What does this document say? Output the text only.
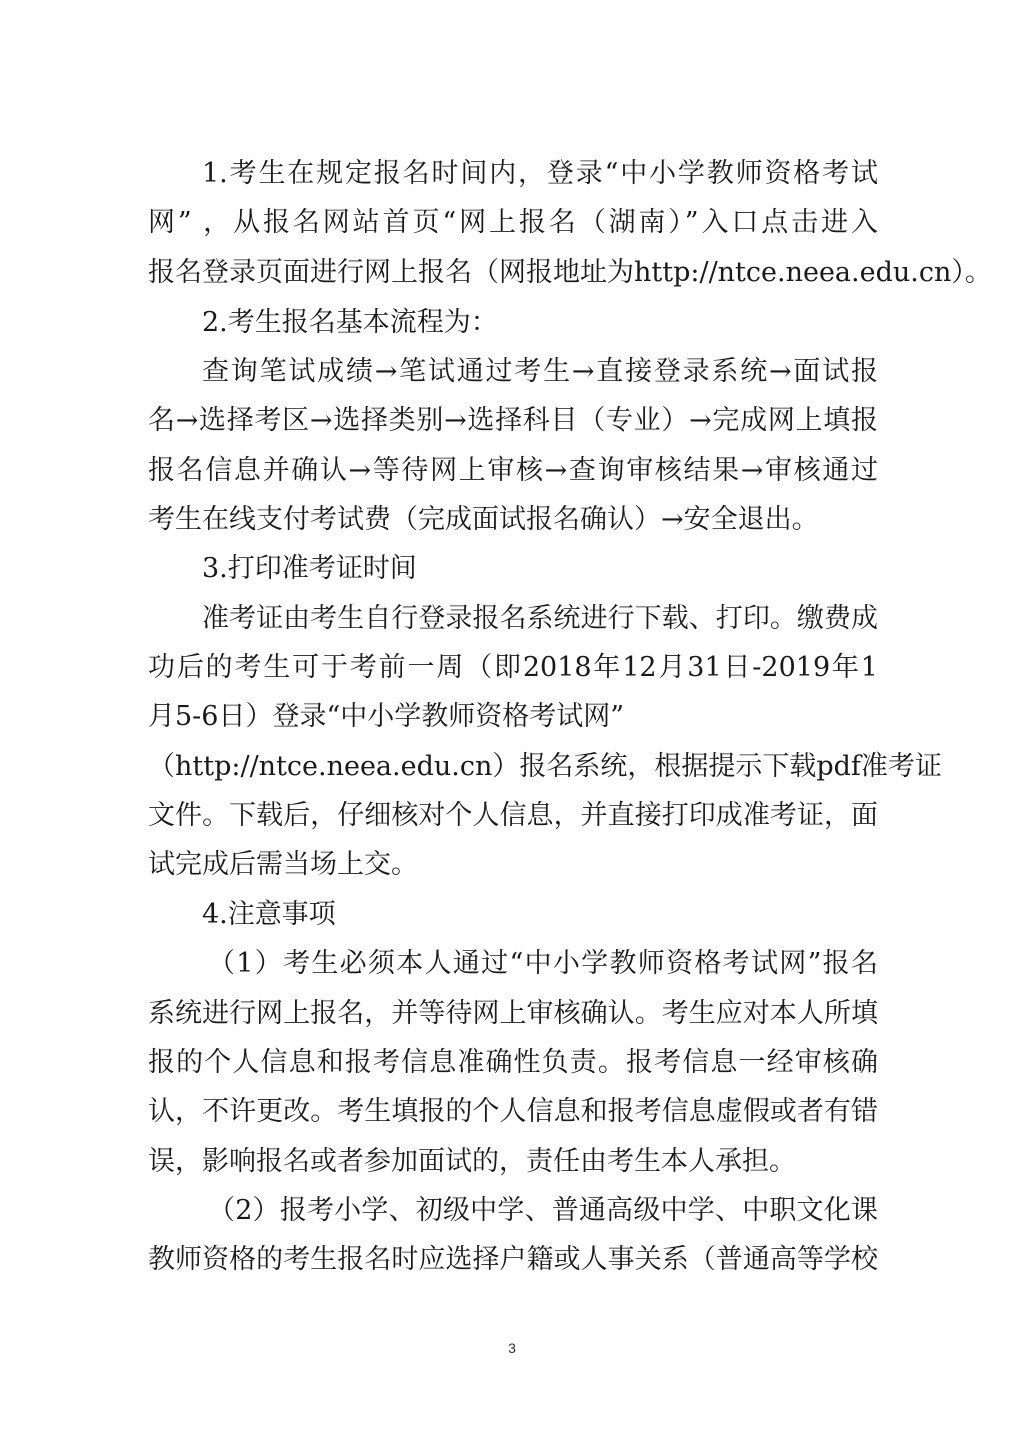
1.考生在规定报名时间内，登录“中小学教师资格考试

网” ，从报名网站首页“网上报名（湖南）”入口点击进入

报名登录页面进行网上报名（网报地址为http://ntce.neea.edu.cn）。

2.考生报名基本流程为：

查询笔试成绩→笔试通过考生→直接登录系统→面试报

名→选择考区→选择类别→选择科目（专业）→完成网上填报

报名信息并确认→等待网上审核→查询审核结果→审核通过

考生在线支付考试费（完成面试报名确认）→安全退出。

3.打印准考证时间

准考证由考生自行登录报名系统进行下载、打印。缴费成

功后的考生可于考前一周（即2018年12月31日-2019年1

月5-6日）登录“中小学教师资格考试网”

（http://ntce.neea.edu.cn）报名系统，根据提示下载pdf准考证

文件。下载后，仔细核对个人信息，并直接打印成准考证，面

试完成后需当场上交。

4.注意事项

（1）考生必须本人通过“中小学教师资格考试网”报名

系统进行网上报名，并等待网上审核确认。考生应对本人所填

报的个人信息和报考信息准确性负责。报考信息一经审核确

认，不许更改。考生填报的个人信息和报考信息虚假或者有错

误，影响报名或者参加面试的，责任由考生本人承担。

（2）报考小学、初级中学、普通高级中学、中职文化课

教师资格的考生报名时应选择户籍或人事关系（普通高等学校

3
